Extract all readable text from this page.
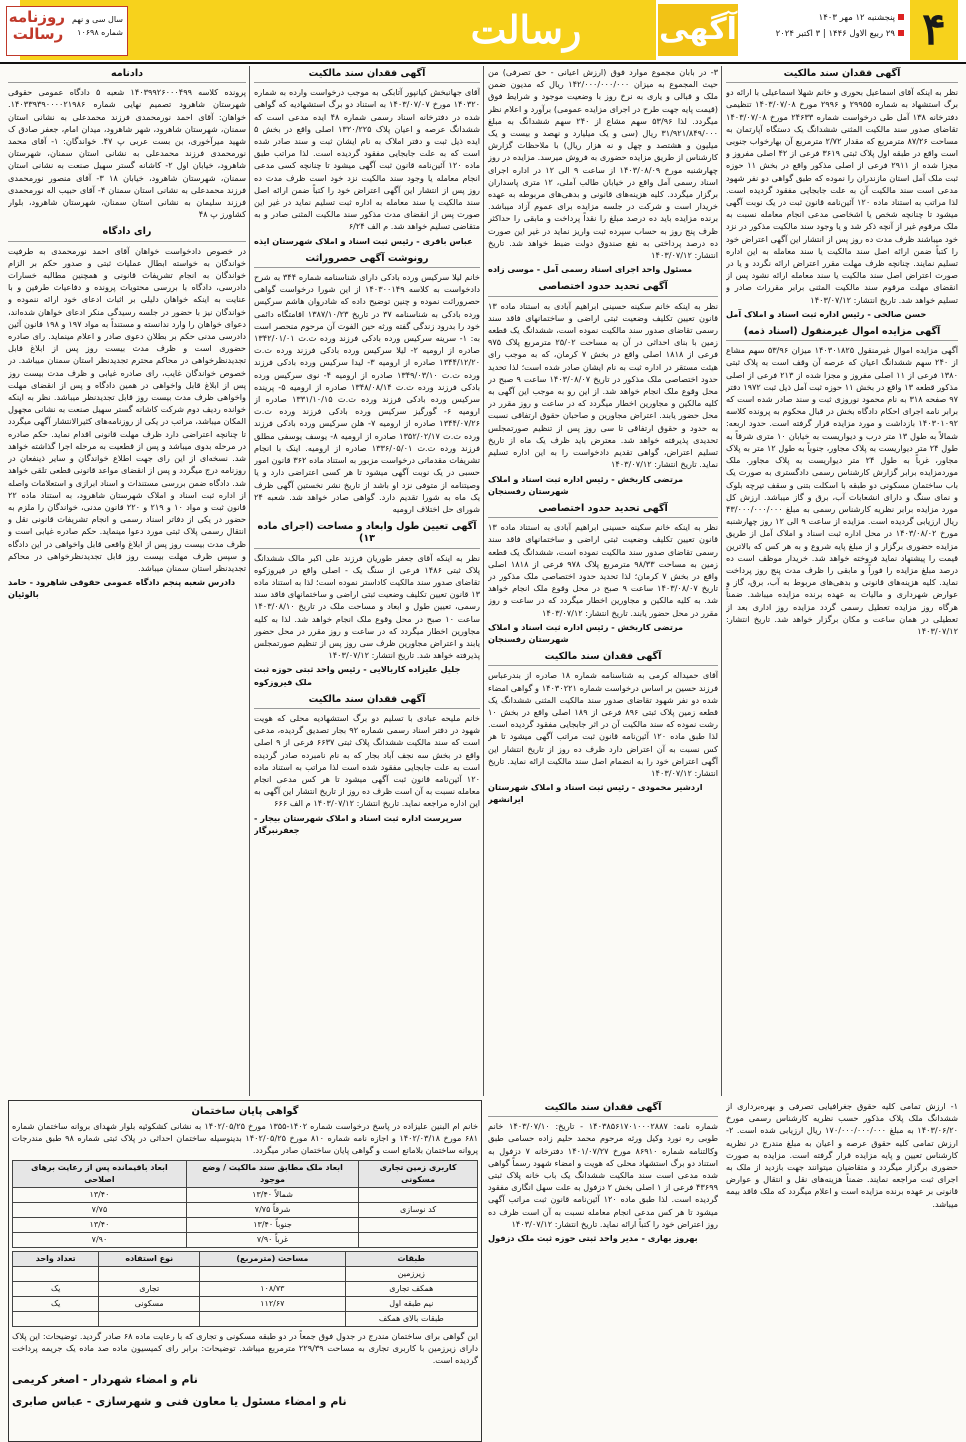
رسالت	۴
پنجشنبه ۱۲ مهر ۱۴۰۳
۲۹ ربیع الاول ۱۴۴۶ | ۳ اکتبر ۲۰۲۴
آگهی
روزنامه رسالت
سال سی و نهم
شماره ۱۰۶۹۸
آگهی فقدان سند مالکیت

نظر به اینکه آقای اسماعیل بحوری و خانم شهلا اسماعیلی با ارائه دو برگ استشهاد به شماره ۲۹۹۵۵ و ۲۹۹۶ مورخ ۱۴۰۳/۰۷/۰۸ تنظیمی دفترخانه ۱۳۸ آمل طی درخواست شماره ۲۴۶۳۳ مورخ ۱۴۰۳/۰۷/۰۸ تقاضای صدور سند مالکیت المثنی ششدانگ یک دستگاه آپارتمان به مساحت ۸۷/۲۶ مترمربع که مقدار ۲/۷۲ مترمربع آن بهارخواب جنوبی است واقع در طبقه اول پلاک ثبتی ۳۶۱۹ فرعی از ۴۲ اصلی مفروز و مجزا شده از ۲۹۱۱ فرعی از اصلی مذکور واقع در بخش ۱۱ حوزه ثبت ملک آمل استان مازندران را نموده که طبق گواهی دو نفر شهود مدعی است سند مالکیت آن به علت جابجایی مفقود گردیده است. لذا مراتب به استناد ماده ۱۲۰ آئین‌نامه قانون ثبت در یک نوبت آگهی میشود تا چنانچه شخص یا اشخاصی مدعی انجام معامله نسبت به ملک مرقوم غیر از آنچه ذکر شد و یا وجود سند مالکیت مذکور در نزد خود میباشند ظرف مدت ده روز پس از انتشار این آگهی اعتراض خود را کتباً ضمن ارائه اصل سند مالکیت یا سند معامله به این اداره تسلیم نمایند. چنانچه ظرف مهلت مقرر اعتراض ارائه نگردد و یا در صورت اعتراض اصل سند مالکیت یا سند معامله ارائه نشود پس از انقضای مهلت مرقوم سند مالکیت المثنی برابر مقررات صادر و تسلیم خواهد شد. تاریخ انتشار: ۱۴۰۳/۰۷/۱۲

حسن صالحی - رئیس اداره ثبت اسناد و املاک آمل
آگهی مزایده اموال غیرمنقول (اسناد ذمه)

آگهی مزایده اموال غیرمنقول ۱۴۰۳۰۱۸۲۵ میزان ۵۳/۹۶ سهم مشاع از ۲۴۰ سهم ششدانگ اعیان که عرصه آن وقف است به پلاک ثبتی ۱۳۸۰ فرعی از ۱۱ اصلی مفروز و مجزا شده از ۲۱۳ فرعی از اصلی مذکور قطعه ۱۳ واقع در بخش ۱۱ حوزه ثبت آمل ذیل ثبت ۱۹۷۲ دفتر ۹۷ صفحه ۳۱۸ به نام محمود نوروزی ثبت و سند صادر شده است که برابر نامه اجرای احکام دادگاه بخش در قبال محکوم به پرونده کلاسه ۱۴۰۳۰۱۰۹۲ بازداشت و مورد مزایده قرار گرفته است. حدود اربعه: شمالاً به طول ۱۳ متر درب و دیواریست به خیابان ۱۰ متری شرقاً به طول ۲۴ متر دیواریست به پلاک مجاور، جنوباً به طول ۱۲ متر به پلاک مجاور، غرباً به طول ۲۴ متر دیواریست به پلاک مجاور. ملک موردمزایده برابر گزارش کارشناس رسمی دادگستری به صورت یک باب ساختمان مسکونی دو طبقه با اسکلت بتنی و سقف تیرچه بلوک و نمای سنگ و دارای انشعابات آب، برق و گاز میباشد. ارزش کل مورد مزایده برابر نظریه کارشناس رسمی به مبلغ ۴۳/۰۰۰/۰۰۰/۰۰۰ ریال ارزیابی گردیده است. مزایده از ساعت ۹ الی ۱۲ روز چهارشنبه مورخ ۱۴۰۳/۰۸/۰۲ در محل اداره ثبت اسناد و املاک آمل از طریق مزایده حضوری برگزار و از مبلغ پایه شروع و به هر کس که بالاترین قیمت را پیشنهاد نماید فروخته خواهد شد. خریدار موظف است ده درصد مبلغ مزایده را فوراً و مابقی را ظرف مدت پنج روز پرداخت نماید. کلیه هزینه‌های قانونی و بدهی‌های مربوط به آب، برق، گاز و عوارض شهرداری و مالیات به عهده برنده مزایده میباشد. ضمناً هرگاه روز مزایده تعطیل رسمی گردد مزایده روز اداری بعد از تعطیلی در همان ساعت و مکان برگزار خواهد شد. تاریخ انتشار: ۱۴۰۳/۰۷/۱۲

۳- در بابان مجموع موارد فوق (ارزش اعیانی - حق تصرفی) من حیث المجموع به میزان ۱۴۲/۰۰۰/۰۰۰/۰۰۰ ریال که مدیون ضمن ملک و قبالی و یاری به نرخ روز با وضعیت موجود و شرایط فوق (قیمت پایه جهت طرح در اجرای مزایده عمومی) برآورد و اعلام نظر میگردد. لذا ۵۳/۹۶ سهم مشاع از ۲۴۰ سهم ششدانگ به مبلغ ۳۱/۹۲۱/۸۴۹/۰۰۰ ریال (سی و یک میلیارد و نهصد و بیست و یک میلیون و هشتصد و چهل و نه هزار ریال) با ملاحظات گزارش کارشناس از طریق مزایده حضوری به فروش میرسد. مزایده در روز چهارشنبه مورخ ۱۴۰۳/۰۸/۰۹ از ساعت ۹ الی ۱۲ در اداره اجرای اسناد رسمی آمل واقع در خیابان طالب آملی، ۱۲ متری پاسداران برگزار میگردد. کلیه هزینه‌های قانونی و بدهی‌های مربوطه به عهده خریدار است و شرکت در جلسه مزایده برای عموم آزاد میباشد. برنده مزایده باید ده درصد مبلغ را نقداً پرداخت و مابقی را حداکثر ظرف پنج روز به حساب سپرده ثبت واریز نماید در غیر این صورت ده درصد پرداختی به نفع صندوق دولت ضبط خواهد شد. تاریخ انتشار: ۱۴۰۳/۰۷/۱۲

مسئول واحد اجرای اسناد رسمی آمل - موسی زاده
آگهی تحدید حدود اختصاصی

نظر به اینکه خانم سکینه حسینی ابراهیم آبادی به استناد ماده ۱۳ قانون تعیین تکلیف وضعیت ثبتی اراضی و ساختمانهای فاقد سند رسمی تقاضای صدور سند مالکیت نموده است، ششدانگ یک قطعه زمین با بنای احداثی در آن به مساحت ۲۵/۰۲ مترمربع پلاک ۹۷۵ فرعی از ۱۸۱۸ اصلی واقع در بخش ۷ کرمان، که به موجب رای هیئت مستقر در اداره ثبت به نام ایشان صادر شده است؛ لذا تحدید حدود اختصاصی ملک مذکور در تاریخ ۱۴۰۳/۰۸/۰۷ ساعت ۹ صبح در محل وقوع ملک انجام خواهد شد. از این رو به موجب این آگهی به کلیه مالکین و مجاورین اخطار میگردد که در ساعت و روز مقرر در محل حضور یابند. اعتراض مجاورین و صاحبان حقوق ارتفاقی نسبت به حدود و حقوق ارتفاقی تا سی روز پس از تنظیم صورتمجلس تحدیدی پذیرفته خواهد شد. معترض باید ظرف یک ماه از تاریخ تسلیم اعتراض، گواهی تقدیم دادخواست را به این اداره تسلیم نماید. تاریخ انتشار: ۱۴۰۳/۰۷/۱۲

مرتضی کاربخش - رئیس اداره ثبت اسناد و املاک شهرستان رفسنجان
آگهی تحدید حدود اختصاصی

نظر به اینکه خانم سکینه حسینی ابراهیم آبادی به استناد ماده ۱۳ قانون تعیین تکلیف وضعیت ثبتی اراضی و ساختمانهای فاقد سند رسمی تقاضای صدور سند مالکیت نموده است، ششدانگ یک قطعه زمین به مساحت ۹۸/۳۳ مترمربع پلاک ۹۷۸ فرعی از ۱۸۱۸ اصلی واقع در بخش ۷ کرمان؛ لذا تحدید حدود اختصاصی ملک مذکور در تاریخ ۱۴۰۳/۰۸/۰۷ ساعت ۹ صبح در محل وقوع ملک انجام خواهد شد. به کلیه مالکین و مجاورین اخطار میگردد که در ساعت و روز مقرر در محل حضور یابند. تاریخ انتشار: ۱۴۰۳/۰۷/۱۲

مرتضی کاربخش - رئیس اداره ثبت اسناد و املاک شهرستان رفسنجان
آگهی فقدان سند مالکیت

آقای حمیداله کرمی به شناسنامه شماره ۱۸ صادره از بندرعباس فرزند حسین بر اساس درخواست شماره ۱۴۰۳۰۲۲۱ و گواهی امضاء شده دو نفر شهود تقاضای صدور سند مالکیت المثنی ششدانگ یک قطعه زمین پلاک ثبتی ۸۹۶ فرعی از ۱۸۹ اصلی واقع در بخش ۱۰ رشت نموده که سند مالکیت آن در اثر جابجایی مفقود گردیده است. لذا طبق ماده ۱۲۰ آئین‌نامه قانون ثبت مراتب آگهی میشود تا هر کس نسبت به آن اعتراض دارد ظرف ده روز از تاریخ انتشار این آگهی اعتراض خود را به انضمام اصل سند مالکیت ارائه نماید. تاریخ انتشار: ۱۴۰۳/۰۷/۱۲

اردشیر محمودی - رئیس ثبت اسناد و املاک شهرستان ایرانشهر
آگهی فقدان سند مالکیت

آقای جهانبخش کیانپور آتابکی به موجب درخواست وارده به شماره ۱۴۰۳۲۰ مورخ ۱۴۰۳/۰۷/۰۷ به استناد دو برگ استشهادیه که گواهی شده در دفترخانه اسناد رسمی شماره ۴۸ ایده مدعی است که ششدانگ عرصه و اعیان پلاک ۱۳۲۰/۲۲۵ اصلی واقع در بخش ۵ ایده ذیل ثبت و دفتر املاک به نام ایشان ثبت و سند صادر شده است که به علت جابجایی مفقود گردیده است. لذا مراتب طبق ماده ۱۲۰ آئین‌نامه قانون ثبت آگهی میشود تا چنانچه کسی مدعی انجام معامله یا وجود سند مالکیت نزد خود است ظرف مدت ده روز پس از انتشار این آگهی اعتراض خود را کتباً ضمن ارائه اصل سند مالکیت یا سند معامله به اداره ثبت تسلیم نماید در غیر این صورت پس از انقضای مدت مذکور سند مالکیت المثنی صادر و به متقاضی تسلیم خواهد شد. م الف ۶/۲۴

عباس باقری - رئیس ثبت اسناد و املاک شهرستان ایذه
رونوشت آگهی حصروراثت

خانم لیلا سرکیس ورده بادکی دارای شناسنامه شماره ۳۴۴ به شرح دادخواست به کلاسه ۱۴۰۳۰۰۱۴۹ از این شورا درخواست گواهی حصروراثت نموده و چنین توضیح داده که شادروان هاشم سرکیس ورده بادکی به شناسنامه ۳۷ در تاریخ ۱۳۸۷/۱۰/۲۳ اقامتگاه دائمی خود را بدرود زندگی گفته ورثه حین الفوت آن مرحوم منحصر است به: ۱- سرینه سرکیس ورده بادکی فرزند ورده ت.ت ۱۳۴۲/۰۱/۰۱ صادره از ارومیه ۲- لیلا سرکیس ورده بادکی فرزند ورده ت.ت ۱۳۴۴/۱۲/۲۰ صادره از ارومیه ۳- لیدا سرکیس ورده بادکی فرزند ورده ت.ت ۱۳۴۹/۰۳/۱۰ صادره از ارومیه ۴- نوی سرکیس ورده بادکی فرزند ورده ت.ت ۱۳۴۸/۰۸/۱۴ صادره از ارومیه ۵- پرینده سرکیس ورده بادکی فرزند ورده ت.ت ۱۳۳۱/۱۰/۱۵ صادره از ارومیه ۶- گورگیز سرکیس ورده بادکی فرزند ورده ت.ت ۱۳۴۴/۰۷/۲۶ صادره از ارومیه ۷- هلن سرکیس ورده بادکی فرزند ورده ت.ت ۱۳۵۲/۰۲/۱۷ صادره از ارومیه ۸- یوسف یوسفی مطلق فرزند ورده ت.ت ۱۳۳۶/۰۵/۰۱ صادره از ارومیه. اینک با انجام تشریفات مقدماتی درخواست مزبور به استناد ماده ۳۶۲ قانون امور حسبی در یک نوبت آگهی میشود تا هر کسی اعتراضی دارد و یا وصیتنامه از متوفی نزد او باشد از تاریخ نشر نخستین آگهی ظرف یک ماه به شورا تقدیم دارد. گواهی صادر خواهد شد. شعبه ۲۴ شورای حل اختلاف ارومیه

آگهی تعیین طول وابعاد و مساحت (اجرای ماده ۱۳)

نظر به اینکه آقای جعفر طوریان فرزند علی اکبر مالک ششدانگ پلاک ثبتی ۱۴۸۶ فرعی از سنگ یک - اصلی واقع در فیروزکوه تقاضای صدور سند مالکیت کاداستر نموده است؛ لذا به استناد ماده ۱۳ قانون تعیین تکلیف وضعیت ثبتی اراضی و ساختمانهای فاقد سند رسمی، تعیین طول و ابعاد و مساحت ملک در تاریخ ۱۴۰۳/۰۸/۱۰ ساعت ۱۰ صبح در محل وقوع ملک انجام خواهد شد. لذا به کلیه مجاورین اخطار میگردد که در ساعت و روز مقرر در محل حضور یابند و اعتراض مجاورین ظرف سی روز پس از تنظیم صورتمجلس پذیرفته خواهد شد. تاریخ انتشار: ۱۴۰۳/۰۷/۱۲

جلیل علیزاده کاربالایی - رئیس واحد ثبتی حوزه ثبت ملک فیروزکوه
آگهی فقدان سند مالکیت

خانم ملیحه عبادی با تسلیم دو برگ استشهادیه محلی که هویت شهود در دفتر اسناد رسمی شماره ۹۲ بجار تصدیق گردیده، مدعی است که سند مالکیت ششدانگ پلاک ثبتی ۶۶۳۷ فرعی از ۹ اصلی واقع در بخش سه نجف آباد بجار که به نام نامبرده صادر گردیده است به علت جابجایی مفقود شده است لذا مراتب به استناد ماده ۱۲۰ آئین‌نامه قانون ثبت آگهی میشود تا هر کس مدعی انجام معامله نسبت به آن است ظرف ده روز از تاریخ انتشار این آگهی به این اداره مراجعه نماید. تاریخ انتشار: ۱۴۰۳/۰۷/۱۲ م الف ۶۶۶

سرپرست اداره ثبت اسناد و املاک شهرستان بیجار - جعفرنبرگار
دادنامه

پرونده کلاسه ۱۴۰۳۹۹۲۶۰۰۰۴۹۹ شعبه ۵ دادگاه عمومی حقوقی شهرستان شاهرود تصمیم نهایی شماره ۱۴۰۳۳۹۳۹۰۰۰۰۲۱۹۸۶. خواهان: آقای احمد نورمحمدی فرزند محمدعلی به نشانی استان سمنان، شهرستان شاهرود، شهر شاهرود، میدان امام، جعفر صادق ک شهید میرآخوری، بن بست عربی پ ۴۷. خواندگان: ۱- آقای محمد نورمحمدی فرزند محمدعلی به نشانی استان سمنان، شهرستان شاهرود، خیابان اول ۲- کاشانه گستر سهیل صنعت به نشانی استان سمنان، شهرستان شاهرود، خیابان ۱۸ ۳- آقای منصور نورمحمدی فرزند محمدعلی به نشانی استان سمنان ۴- آقای حبیب اله نورمحمدی فرزند سلیمان به نشانی استان سمنان، شهرستان شاهرود، بلوار کشاورز پ ۴۸

رای دادگاه

در خصوص دادخواست خواهان آقای احمد نورمحمدی به طرفیت خواندگان به خواسته ابطال عملیات ثبتی و صدور حکم بر الزام خواندگان به انجام تشریفات قانونی و همچنین مطالبه خسارات دادرسی، دادگاه با بررسی محتویات پرونده و دفاعیات طرفین و با عنایت به اینکه خواهان دلیلی بر اثبات ادعای خود ارائه ننموده و خواندگان نیز با حضور در جلسه رسیدگی منکر ادعای خواهان شده‌اند، دعوای خواهان را وارد ندانسته و مستنداً به مواد ۱۹۷ و ۱۹۸ قانون آئین دادرسی مدنی حکم بر بطلان دعوی صادر و اعلام مینماید. رای صادره حضوری است و ظرف مدت بیست روز پس از ابلاغ قابل تجدیدنظرخواهی در محاکم محترم تجدیدنظر استان سمنان میباشد. در خصوص خواندگان غایب، رای صادره غیابی و ظرف مدت بیست روز پس از ابلاغ قابل واخواهی در همین دادگاه و پس از انقضای مهلت واخواهی ظرف مدت بیست روز قابل تجدیدنظر میباشد. نظر به اینکه خوانده ردیف دوم شرکت کاشانه گستر سهیل صنعت به نشانی مجهول المکان میباشد، مراتب در یکی از روزنامه‌های کثیرالانتشار آگهی میگردد تا چنانچه اعتراضی دارد ظرف مهلت قانونی اقدام نماید. حکم صادره در مرحله بدوی میباشد و پس از قطعیت به مرحله اجرا گذاشته خواهد شد. نسخه‌ای از این رای جهت اطلاع خواندگان و سایر ذینفعان در روزنامه درج میگردد و پس از انقضای مواعد قانونی قطعی تلقی خواهد شد. دادگاه ضمن بررسی مستندات و اسناد ابرازی و استعلامات واصله از اداره ثبت اسناد و املاک شهرستان شاهرود، به استناد ماده ۲۲ قانون ثبت و مواد ۱۰ و ۲۱۹ و ۲۲۰ قانون مدنی، خواندگان را ملزم به حضور در یکی از دفاتر اسناد رسمی و انجام تشریفات قانونی نقل و انتقال رسمی پلاک ثبتی مورد دعوا مینماید. حکم صادره غیابی است و ظرف مدت بیست روز پس از ابلاغ واقعی قابل واخواهی در این دادگاه و سپس ظرف مهلت بیست روز قابل تجدیدنظرخواهی در محاکم تجدیدنظر استان سمنان میباشد.

دادرس شعبه پنجم دادگاه عمومی حقوقی شاهرود - حامد بالوئیان

۱- ارزش تمامی کلیه حقوق جغرافیایی تصرفی و بهره‌برداری از ششدانگ ملک پلاک مذکور حسب نظریه کارشناس رسمی مورخ ۱۴۰۳/۰۶/۲۰ به مبلغ ۱۷۰/۰۰۰/۰۰۰/۰۰۰ ریال ارزیابی شده است. ۲- ارزش تمامی کلیه حقوق عرصه و اعیان به مبلغ مندرج در نظریه کارشناس تعیین و پایه مزایده قرار گرفته است. مزایده به صورت حضوری برگزار میگردد و متقاضیان میتوانند جهت بازدید از ملک به اجرای ثبت مراجعه نمایند. ضمناً هزینه‌های نقل و انتقال و عوارض قانونی بر عهده برنده مزایده است و اعلام میگردد که ملک فاقد بیمه میباشد.

آگهی فقدان سند مالکیت

شماره نامه: ۱۴۰۳۸۵۶۱۷۰۱۰۰۰۲۸۸۷ - تاریخ: ۱۴۰۳/۰۷/۱۰ خانم طوبی ره نورد وکیل ورثه مرحوم محمد حلیم زاده حسامی طبق وکالتنامه شماره ۸۶۹۱۰ مورخ ۱۴۰۱/۰۷/۲۷ دفترخانه ۷ دزفول به استناد دو برگ استشهاد محلی که هویت و امضاء شهود رسماً گواهی شده مدعی است سند مالکیت ششدانگ یک باب خانه پلاک ثبتی ۴۳۶۹۹ فرعی از ۱ اصلی بخش ۲ دزفول به علت سهل انگاری مفقود گردیده است. لذا طبق ماده ۱۲۰ آئین‌نامه قانون ثبت مراتب آگهی میشود تا هر کس مدعی انجام معامله نسبت به آن است ظرف ده روز اعتراض خود را کتباً ارائه نماید. تاریخ انتشار: ۱۴۰۳/۰۷/۱۲

بهروز بهاری - مدیر واحد ثبتی حوزه ثبت ملک دزفول
گواهی پایان ساختمان

خانم ام البنین علیزاده در پاسخ درخواست شماره ۱۴۰۲-۱۳۵۵ مورخ ۱۴۰۲/۰۵/۲۵ به نشانی کشکوئیه بلوار شهدای بروانه ساختمان شماره ۶۸۱ مورخ ۱۴۰۲/۰۳/۱۸ و اجازه نامه شماره ۸۱۰ مورخ ۱۴۰۲/۰۵/۲۵ بدینوسیله ساختمان احداثی در پلاک ثبتی شماره ۹۸ طبق مندرجات پروانه ساختمان بلامانع است و گواهی پایان ساختمان صادر میگردد.

کاربری زمین تجاری مسکونی	ابعاد ملک مطابق سند مالکیت / وضع موجود	ابعاد باقیمانده پس از رعایت برهای اصلاحی
	شمالاً ۱۳/۴۰	۱۳/۴۰
کد نوسازی	شرقاً ۷/۷۵	۷/۷۵
	جنوباً ۱۳/۴۰	۱۳/۴۰
	غرباً ۷/۹۰	۷/۹۰
طبقات	مساحت (مترمربع)	نوع استفاده	تعداد واحد
زیرزمین			
همکف تجاری	۱۰۸/۷۳	تجاری	یک
نیم طبقه اول	۱۱۲/۶۷	مسکونی	یک
طبقات بالای همکف			

این گواهی برای ساختمان مندرج در جدول فوق جمعاً در دو طبقه مسکونی و تجاری که با رعایت ماده ۶۸ صادر گردید. توضیحات: این پلاک دارای زیرزمین با کاربری تجاری به مساحت ۲۲۹/۳۹ مترمربع میباشد. توضیحات: برابر رای کمیسیون ماده صد ماده یک جریمه پرداخت گردیده است.

نام و امضاء شهردار - اصغر کریمی
نام و امضاء مسئول یا معاون فنی و شهرسازی - عباس صابری
